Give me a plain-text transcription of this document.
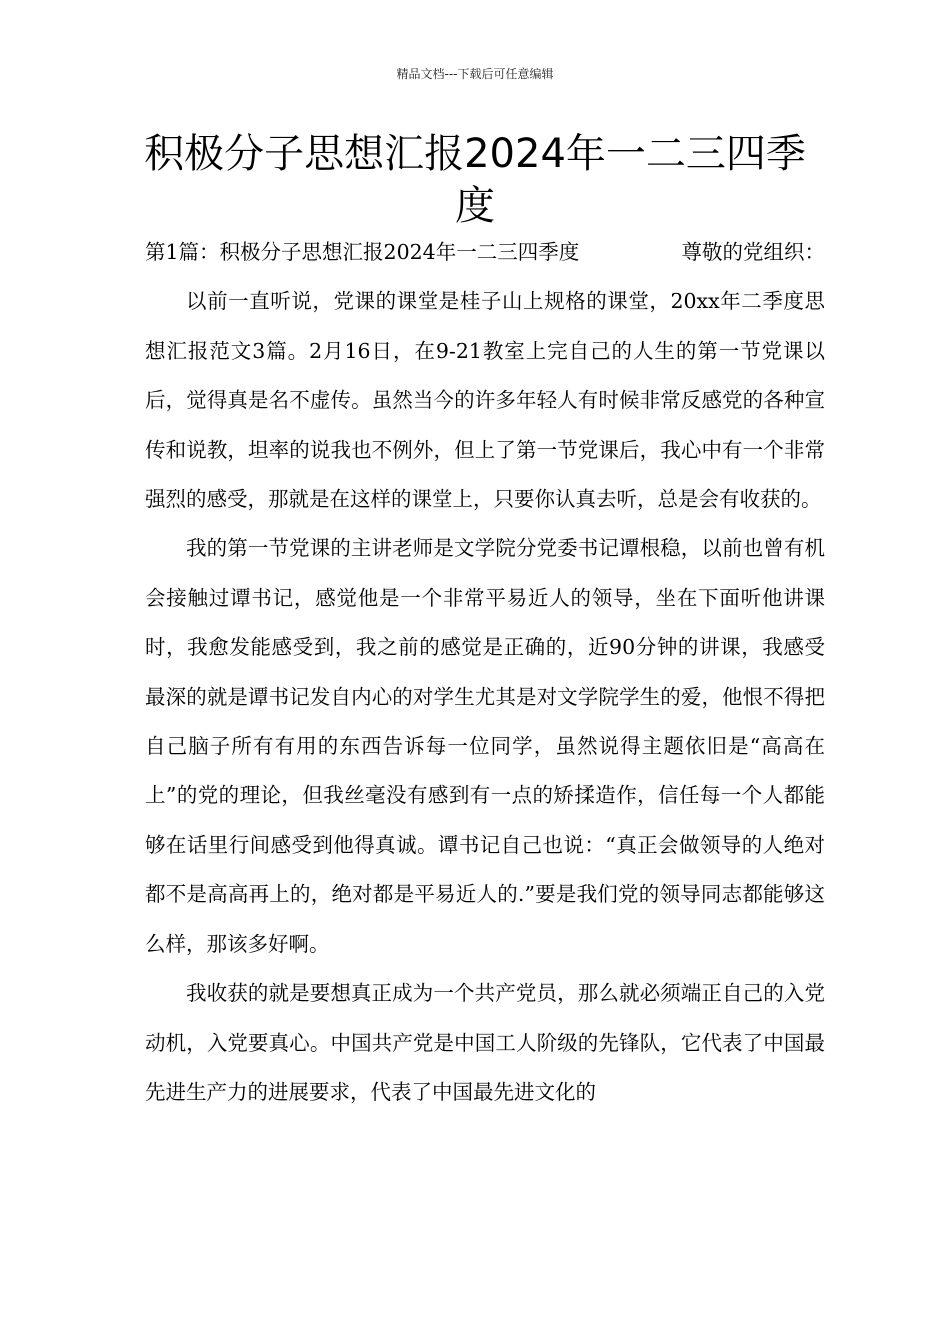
精品文档---下载后可任意编辑
积极分子思想汇报2024年一二三四季度

第1篇：积极分子思想汇报2024年一二三四季度	尊敬的党组织：

以前一直听说，党课的课堂是桂子山上规格的课堂，20xx年二季度思想汇报范文3篇。2月16日，在9-21教室上完自己的人生的第一节党课以后，觉得真是名不虚传。虽然当今的许多年轻人有时候非常反感党的各种宣传和说教，坦率的说我也不例外，但上了第一节党课后，我心中有一个非常强烈的感受，那就是在这样的课堂上，只要你认真去听，总是会有收获的。

我的第一节党课的主讲老师是文学院分党委书记谭根稳，以前也曾有机会接触过谭书记，感觉他是一个非常平易近人的领导，坐在下面听他讲课时，我愈发能感受到，我之前的感觉是正确的，近90分钟的讲课，我感受最深的就是谭书记发自内心的对学生尤其是对文学院学生的爱，他恨不得把自己脑子所有有用的东西告诉每一位同学，虽然说得主题依旧是“高高在上”的党的理论，但我丝毫没有感到有一点的矫揉造作，信任每一个人都能够在话里行间感受到他得真诚。谭书记自己也说：“真正会做领导的人绝对都不是高高再上的，绝对都是平易近人的.”要是我们党的领导同志都能够这么样，那该多好啊。

我收获的就是要想真正成为一个共产党员，那么就必须端正自己的入党动机，入党要真心。中国共产党是中国工人阶级的先锋队，它代表了中国最先进生产力的进展要求，代表了中国最先进文化的
